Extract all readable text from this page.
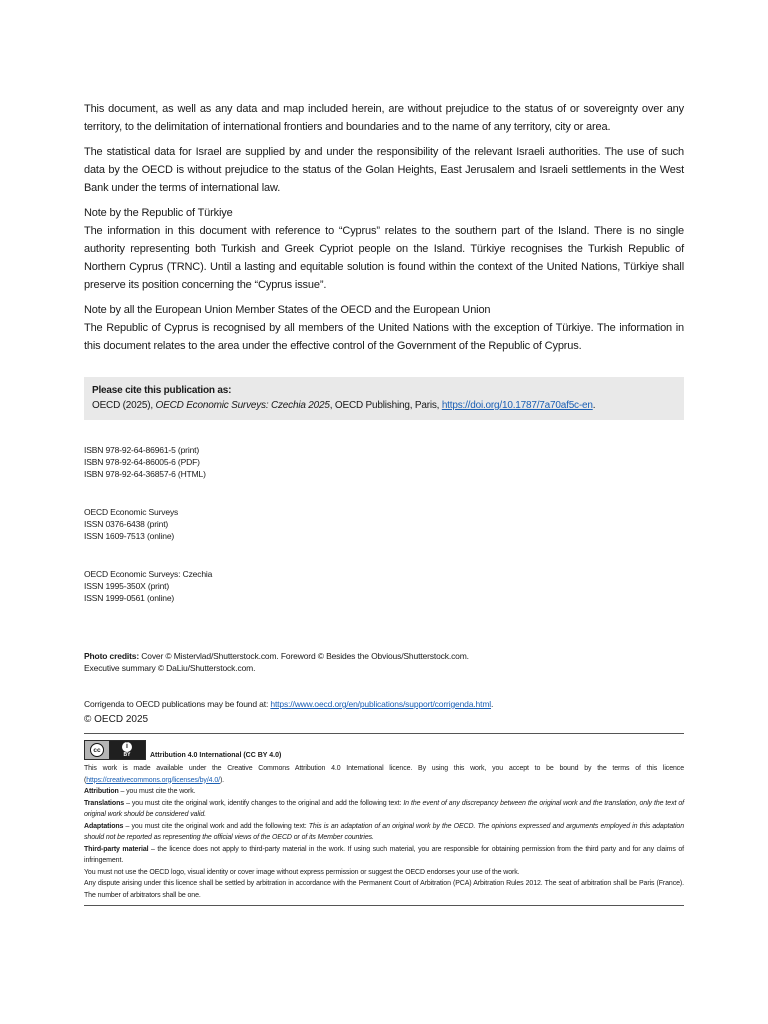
This document, as well as any data and map included herein, are without prejudice to the status of or sovereignty over any territory, to the delimitation of international frontiers and boundaries and to the name of any territory, city or area.

The statistical data for Israel are supplied by and under the responsibility of the relevant Israeli authorities. The use of such data by the OECD is without prejudice to the status of the Golan Heights, East Jerusalem and Israeli settlements in the West Bank under the terms of international law.

Note by the Republic of Türkiye

The information in this document with reference to “Cyprus” relates to the southern part of the Island. There is no single authority representing both Turkish and Greek Cypriot people on the Island. Türkiye recognises the Turkish Republic of Northern Cyprus (TRNC). Until a lasting and equitable solution is found within the context of the United Nations, Türkiye shall preserve its position concerning the “Cyprus issue”.

Note by all the European Union Member States of the OECD and the European Union

The Republic of Cyprus is recognised by all members of the United Nations with the exception of Türkiye. The information in this document relates to the area under the effective control of the Government of the Republic of Cyprus.

Please cite this publication as:

OECD (2025), OECD Economic Surveys: Czechia 2025, OECD Publishing, Paris, https://doi.org/10.1787/7a70af5c-en.

ISBN 978-92-64-86961-5 (print)

ISBN 978-92-64-86005-6 (PDF)

ISBN 978-92-64-36857-6 (HTML)

OECD Economic Surveys

ISSN 0376-6438 (print)

ISSN 1609-7513 (online)

OECD Economic Surveys: Czechia

ISSN 1995-350X (print)

ISSN 1999-0561 (online)

Photo credits: Cover © Mistervlad/Shutterstock.com. Foreword © Besides the Obvious/Shutterstock.com.

Executive summary © DaLiu/Shutterstock.com.

Corrigenda to OECD publications may be found at: https://www.oecd.org/en/publications/support/corrigenda.html.

© OECD 2025

cc	i
BY	Attribution 4.0 International (CC BY 4.0)

This work is made available under the Creative Commons Attribution 4.0 International licence. By using this work, you accept to be bound by the terms of this licence (https://creativecommons.org/licenses/by/4.0/).

Attribution – you must cite the work.

Translations – you must cite the original work, identify changes to the original and add the following text: In the event of any discrepancy between the original work and the translation, only the text of original work should be considered valid.

Adaptations – you must cite the original work and add the following text: This is an adaptation of an original work by the OECD. The opinions expressed and arguments employed in this adaptation should not be reported as representing the official views of the OECD or of its Member countries.

Third-party material – the licence does not apply to third-party material in the work. If using such material, you are responsible for obtaining permission from the third party and for any claims of infringement.

You must not use the OECD logo, visual identity or cover image without express permission or suggest the OECD endorses your use of the work.

Any dispute arising under this licence shall be settled by arbitration in accordance with the Permanent Court of Arbitration (PCA) Arbitration Rules 2012. The seat of arbitration shall be Paris (France). The number of arbitrators shall be one.
